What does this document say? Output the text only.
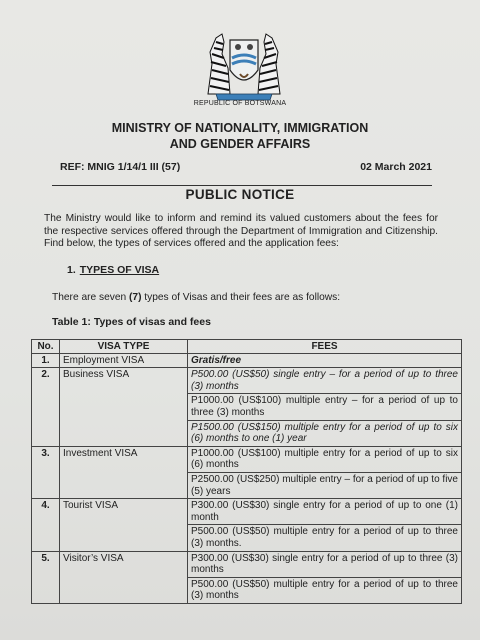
REPUBLIC OF BOTSWANA
MINISTRY OF NATIONALITY, IMMIGRATION
AND GENDER AFFAIRS
REF: MNIG 1/14/1 III (57)	02 March 2021
PUBLIC NOTICE
The Ministry would like to inform and remind its valued customers about the fees for the respective services offered through the Department of Immigration and Citizenship. Find below, the types of services offered and the application fees:
1. TYPES OF VISA
There are seven (7) types of Visas and their fees are as follows:
Table 1: Types of visas and fees
No.	VISA TYPE	FEES
1.	Employment VISA	Gratis/free
2.	Business VISA	P500.00 (US$50) single entry – for a period of up to three (3) months
		P1000.00 (US$100) multiple entry – for a period of up to three (3) months
		P1500.00 (US$150) multiple entry for a period of up to six (6) months to one (1) year
3.	Investment VISA	P1000.00 (US$100) multiple entry for a period of up to six (6) months
		P2500.00 (US$250) multiple entry – for a period of up to five (5) years
4.	Tourist VISA	P300.00 (US$30) single entry for a period of up to one (1) month
		P500.00 (US$50) multiple entry for a period of up to three (3) months.
5.	Visitor’s VISA	P300.00 (US$30) single entry for a period of up to three (3) months
		P500.00 (US$50) multiple entry for a period of up to three (3) months
